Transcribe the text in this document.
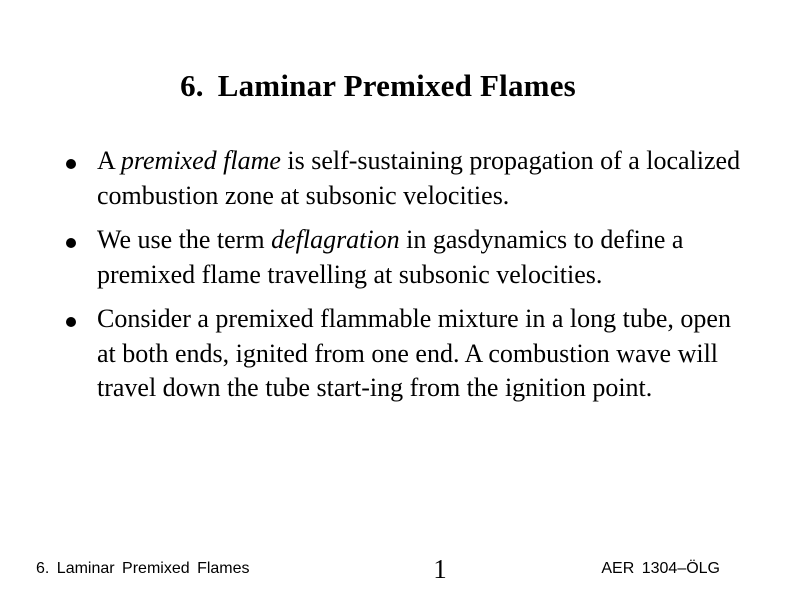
6. Laminar Premixed Flames
A premixed flame is self-sustaining propagation of a localized combustion zone at subsonic velocities.
We use the term deflagration in gasdynamics to define a premixed flame travelling at subsonic velocities.
Consider a premixed flammable mixture in a long tube, open at both ends, ignited from one end. A combustion wave will travel down the tube start-ing from the ignition point.
6. Laminar Premixed Flames	1	AER 1304–ÖLG
